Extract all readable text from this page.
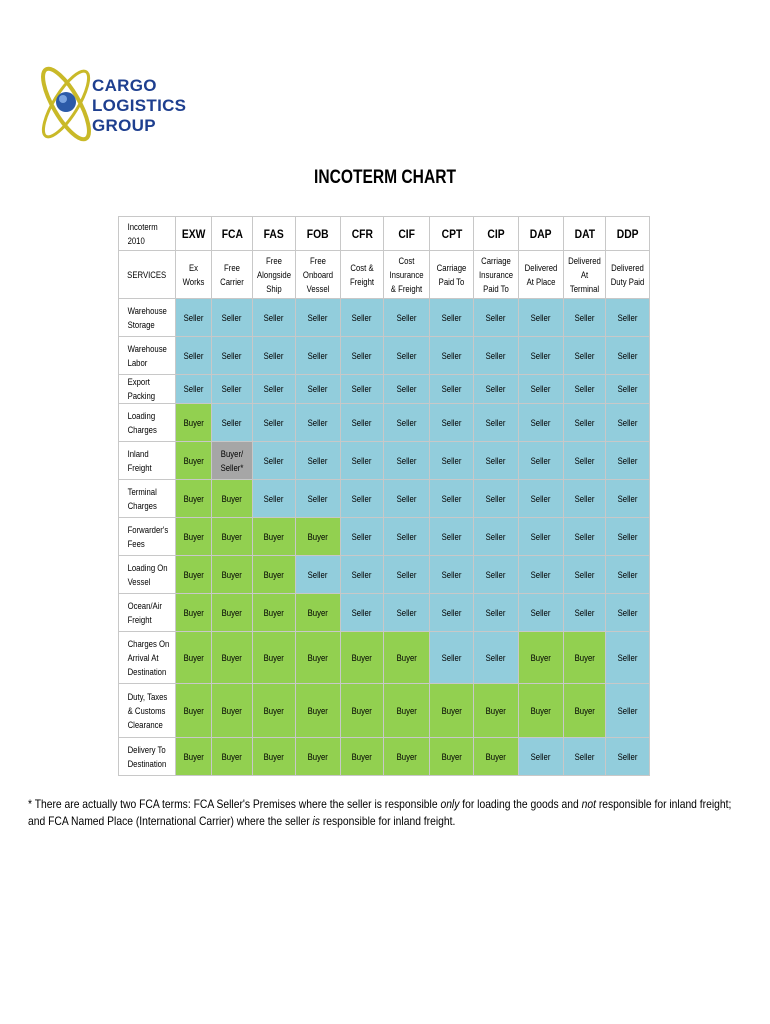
CARGO
LOGISTICS
GROUP
INCOTERM CHART
Incoterm 2010	EXW	FCA	FAS	FOB	CFR	CIF	CPT	CIP	DAP	DAT	DDP
SERVICES	Ex Works	Free Carrier	Free Alongside Ship	Free Onboard Vessel	Cost & Freight	Cost Insurance & Freight	Carriage Paid To	Carriage Insurance Paid To	Delivered At Place	Delivered At Terminal	Delivered Duty Paid
Warehouse Storage	Seller	Seller	Seller	Seller	Seller	Seller	Seller	Seller	Seller	Seller	Seller
Warehouse Labor	Seller	Seller	Seller	Seller	Seller	Seller	Seller	Seller	Seller	Seller	Seller
Export Packing	Seller	Seller	Seller	Seller	Seller	Seller	Seller	Seller	Seller	Seller	Seller
Loading Charges	Buyer	Seller	Seller	Seller	Seller	Seller	Seller	Seller	Seller	Seller	Seller
Inland Freight	Buyer	Buyer/ Seller*	Seller	Seller	Seller	Seller	Seller	Seller	Seller	Seller	Seller
Terminal Charges	Buyer	Buyer	Seller	Seller	Seller	Seller	Seller	Seller	Seller	Seller	Seller
Forwarder's Fees	Buyer	Buyer	Buyer	Buyer	Seller	Seller	Seller	Seller	Seller	Seller	Seller
Loading On Vessel	Buyer	Buyer	Buyer	Seller	Seller	Seller	Seller	Seller	Seller	Seller	Seller
Ocean/Air Freight	Buyer	Buyer	Buyer	Buyer	Seller	Seller	Seller	Seller	Seller	Seller	Seller
Charges On Arrival At Destination	Buyer	Buyer	Buyer	Buyer	Buyer	Buyer	Seller	Seller	Buyer	Buyer	Seller
Duty, Taxes & Customs Clearance	Buyer	Buyer	Buyer	Buyer	Buyer	Buyer	Buyer	Buyer	Buyer	Buyer	Seller
Delivery To Destination	Buyer	Buyer	Buyer	Buyer	Buyer	Buyer	Buyer	Buyer	Seller	Seller	Seller
* There are actually two FCA terms: FCA Seller's Premises where the seller is responsible only for loading the goods and not responsible for inland freight; and FCA Named Place (International Carrier) where the seller is responsible for inland freight.
